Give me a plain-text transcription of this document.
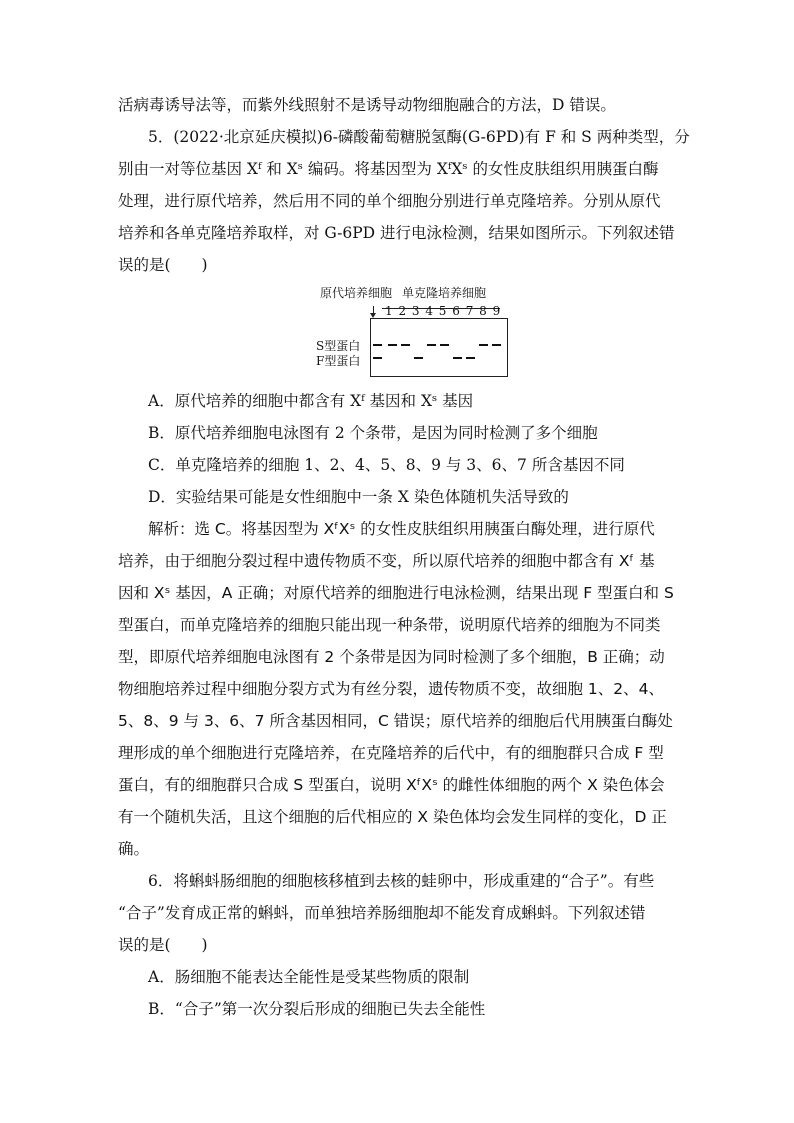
活病毒诱导法等，而紫外线照射不是诱导动物细胞融合的方法，D 错误。
5．(2022·北京延庆模拟)6-磷酸葡萄糖脱氢酶(G-6PD)有 F 和 S 两种类型，分
别由一对等位基因 Xᶠ 和 Xˢ 编码。将基因型为 XᶠXˢ 的女性皮肤组织用胰蛋白酶
处理，进行原代培养，然后用不同的单个细胞分别进行单克隆培养。分别从原代
培养和各单克隆培养取样，对 G-6PD 进行电泳检测，结果如图所示。下列叙述错
误的是(　　)
原代培养细胞 单克隆培养细胞
1 2 3 4 5 6 7 8 9
S型蛋白
F型蛋白
A．原代培养的细胞中都含有 Xᶠ 基因和 Xˢ 基因
B．原代培养细胞电泳图有 2 个条带，是因为同时检测了多个细胞
C．单克隆培养的细胞 1、2、4、5、8、9 与 3、6、7 所含基因不同
D．实验结果可能是女性细胞中一条 X 染色体随机失活导致的
解析：选 C。将基因型为 XᶠXˢ 的女性皮肤组织用胰蛋白酶处理，进行原代
培养，由于细胞分裂过程中遗传物质不变，所以原代培养的细胞中都含有 Xᶠ 基
因和 Xˢ 基因，A 正确；对原代培养的细胞进行电泳检测，结果出现 F 型蛋白和 S
型蛋白，而单克隆培养的细胞只能出现一种条带，说明原代培养的细胞为不同类
型，即原代培养细胞电泳图有 2 个条带是因为同时检测了多个细胞，B 正确；动
物细胞培养过程中细胞分裂方式为有丝分裂，遗传物质不变，故细胞 1、2、4、
5、8、9 与 3、6、7 所含基因相同，C 错误；原代培养的细胞后代用胰蛋白酶处
理形成的单个细胞进行克隆培养，在克隆培养的后代中，有的细胞群只合成 F 型
蛋白，有的细胞群只合成 S 型蛋白，说明 XᶠXˢ 的雌性体细胞的两个 X 染色体会
有一个随机失活，且这个细胞的后代相应的 X 染色体均会发生同样的变化，D 正
确。
6．将蝌蚪肠细胞的细胞核移植到去核的蛙卵中，形成重建的“合子”。有些
“合子”发育成正常的蝌蚪，而单独培养肠细胞却不能发育成蝌蚪。下列叙述错
误的是(　　)
A．肠细胞不能表达全能性是受某些物质的限制
B．“合子”第一次分裂后形成的细胞已失去全能性
